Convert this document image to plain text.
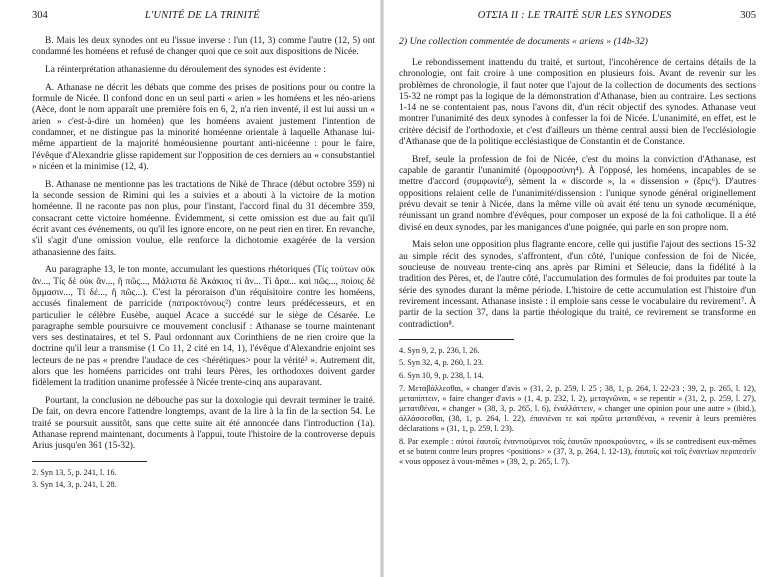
304	L'UNITÉ DE LA TRINITÉ

B. Mais les deux synodes ont eu l'issue inverse : l'un (11, 3) comme l'autre (12, 5) ont condamné les homéens et refusé de changer quoi que ce soit aux dispositions de Nicée.

La réinterprétation athanasienne du déroulement des synodes est évidente :

A. Athanase ne décrit les débats que comme des prises de positions pour ou contre la formule de Nicée. Il confond donc en un seul parti « arien » les homéens et les néo-ariens (Aèce, dont le nom apparaît une première fois en 6, 2, n'a rien inventé, il est lui aussi un « arien » c'est-à-dire un homéen) que les homéens avaient justement l'intention de condamner, et ne distingue pas la minorité homéenne orientale à laquelle Athanase lui-même appartient de la majorité homéousienne pourtant anti-nicéenne : pour le faire, l'évêque d'Alexandrie glisse rapidement sur l'opposition de ces derniers au « consubstantiel » nicéen et la minimise (12, 4).

B. Athanase ne mentionne pas les tractations de Nikè de Thrace (début octobre 359) ni la seconde session de Rimini qui les a suivies et a abouti à la victoire de la motion homéenne. Il ne raconte pas non plus, pour l'instant, l'accord final du 31 décembre 359, consacrant cette victoire homéenne. Évidemment, si cette omission est due au fait qu'il écrit avant ces événements, ou qu'il les ignore encore, on ne peut rien en tirer. En revanche, s'il s'agit d'une omission voulue, elle renforce la dichotomie exagérée de la version athanasienne des faits.

Au paragraphe 13, le ton monte, accumulant les questions rhétoriques (Τίς τούτων οὐκ ἄν..., Τίς δὲ οὐκ ἄν..., ἤ πῶς..., Μάλιστα δὲ Ἀκάκιος τί ἄν... Τί ἄρα... καὶ πῶς..., ποίοις δὲ ὄμμασιν..., Τί δέ..., ἢ πῶς...). C'est la péroraison d'un réquisitoire contre les homéens, accusés finalement de parricide (πατροκτόνους²) contre leurs prédécesseurs, et en particulier le célèbre Eusèbe, auquel Acace a succédé sur le siège de Césarée. Le paragraphe semble poursuivre ce mouvement conclusif : Athanase se tourne maintenant vers ses destinataires, et tel S. Paul ordonnant aux Corinthiens de ne rien croire que la doctrine qu'il leur a transmise (1 Co 11, 2 cité en 14, 1), l'évêque d'Alexandrie enjoint ses lecteurs de ne pas « prendre l'audace de ces <hérétiques> pour la vérité³ ». Autrement dit, alors que les homéens parricides ont trahi leurs Pères, les orthodoxes doivent garder fidèlement la tradition unanime professée à Nicée trente-cinq ans auparavant.

Pourtant, la conclusion ne débouche pas sur la doxologie qui devrait terminer le traité. De fait, on devra encore l'attendre longtemps, avant de la lire à la fin de la section 54. Le traité se poursuit aussitôt, sans que cette suite ait été annoncée dans l'introduction (1a). Athanase reprend maintenant, documents à l'appui, toute l'histoire de la controverse depuis Arius jusqu'en 361 (15-32).

2. Syn 13, 5, p. 241, l. 16.
3. Syn 14, 3, p. 241, l. 28.
ΟΤΣΙΑ II : LE TRAITÉ SUR LES SYNODES	305
2) Une collection commentée de documents « ariens » (14b-32)

Le rebondissement inattendu du traité, et surtout, l'incohérence de certains détails de la chronologie, ont fait croire à une composition en plusieurs fois. Avant de revenir sur les problèmes de chronologie, il faut noter que l'ajout de la collection de documents des sections 15-32 ne rompt pas la logique de la démonstration d'Athanase, bien au contraire. Les sections 1-14 ne se contentaient pas, nous l'avons dit, d'un récit objectif des synodes. Athanase veut montrer l'unanimité des deux synodes à confesser la foi de Nicée. L'unanimité, en effet, est le critère décisif de l'orthodoxie, et c'est d'ailleurs un thème central aussi bien de l'ecclésiologie d'Athanase que de la politique ecclésiastique de Constantin et de Constance.

Bref, seule la profession de foi de Nicée, c'est du moins la conviction d'Athanase, est capable de garantir l'unanimité (ὁμοφροσύνη⁴). À l'opposé, les homéens, incapables de se mettre d'accord (συμφωνία⁵), sèment la « discorde », la « dissension » (ἔρις⁶). D'autres oppositions relaient celle de l'unanimité/dissension : l'unique synode général originellement prévu devait se tenir à Nicée, dans la même ville où avait été tenu un synode œcuménique, réunissant un grand nombre d'évêques, pour composer un exposé de la foi catholique. Il a été divisé en deux synodes, par les manigances d'une poignée, qui parle en son propre nom.

Mais selon une opposition plus flagrante encore, celle qui justifie l'ajout des sections 15-32 au simple récit des synodes, s'affrontent, d'un côté, l'unique confession de foi de Nicée, soucieuse de nouveau trente-cinq ans après par Rimini et Séleucie, dans la fidélité à la tradition des Pères, et, de l'autre côté, l'accumulation des formules de foi produites par toute la série des synodes durant la même période. L'histoire de cette accumulation est l'histoire d'un revirement incessant. Athanase insiste : il emploie sans cesse le vocabulaire du revirement⁷. À partir de la section 37, dans la partie théologique du traité, ce revirement se transforme en contradiction⁸.

4. Syn 9, 2, p. 236, l. 26.
5. Syn 32, 4, p. 260, l. 23.
6. Syn 10, 9, p. 238, l. 14.
7. Μεταβάλλεσθαι, « changer d'avis » (31, 2, p. 259, l. 25 ; 38, 1, p. 264, l. 22-23 ; 39, 2, p. 265, l. 12), μεταπίπτειν, « faire changer d'avis » (1, 4, p. 232, l. 2), μεταγνῶναι, « se repentir » (31, 2, p. 259, l. 27), μετατιθέναι, « changer » (38, 3, p. 265, l. 6), ἐναλλάττειν, « changer une opinion pour une autre » (ibid.), ἀλλάσσεσθαι, (38, 1, p. 264, l. 22), ἐπανιέναι τε καὶ πρῶτα μετατιθέναι, « revenir à leurs premières déclarations » (31, 1, p. 259, l. 23).
8. Par exemple : αὐτοὶ ἑαυτοῖς ἐναντιούμενοι τοῖς ἑαυτῶν προσκρούοντες, « ils se contredisent eux-mêmes et se butent contre leurs propres <positions> » (37, 3, p. 264, l. 12-13), ἑαυτοῖς καὶ τοῖς ἐναντίων περιπεσεῖν « vous opposez à vous-mêmes » (39, 2, p. 265, l. 7).
